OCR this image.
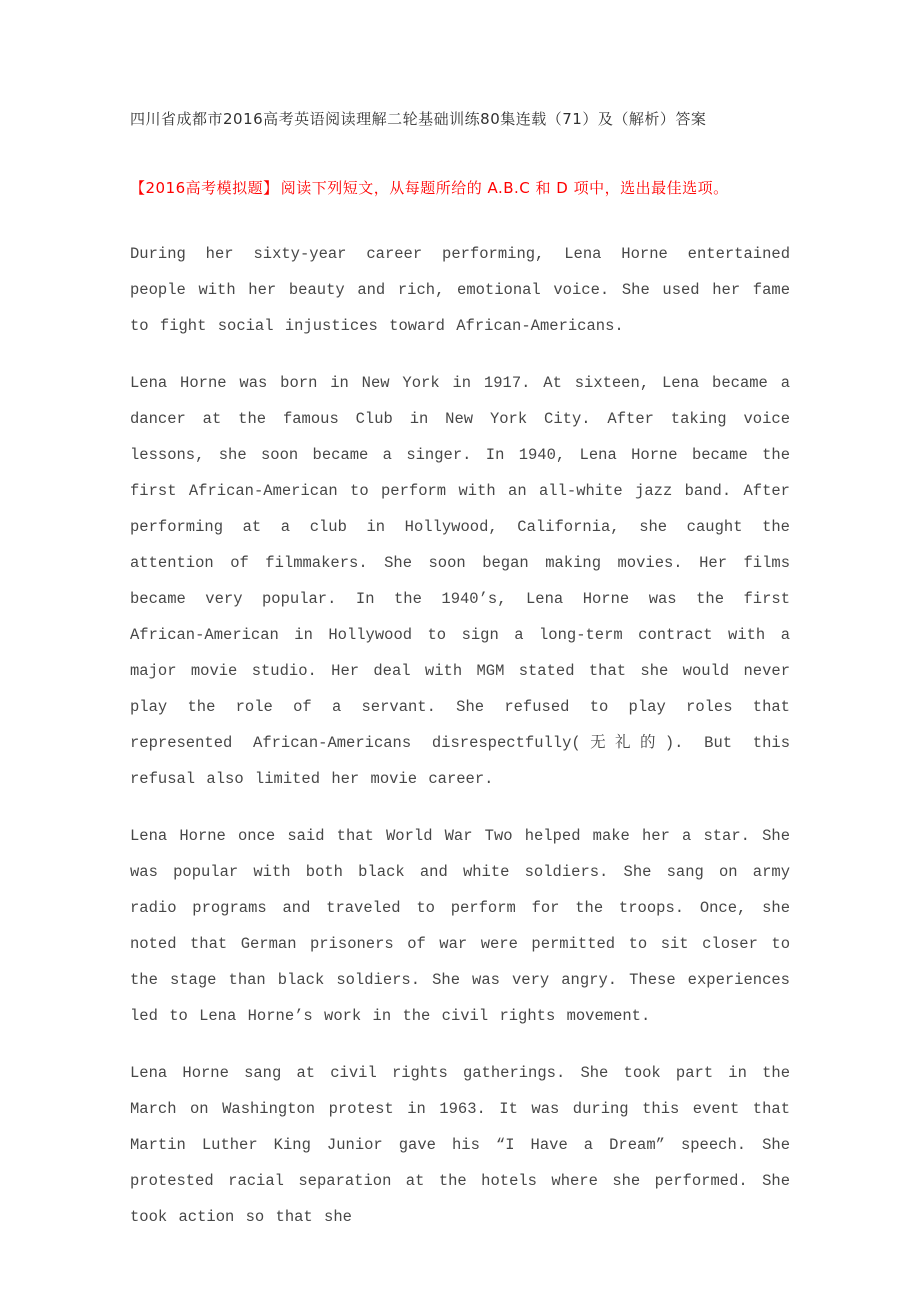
四川省成都市2016高考英语阅读理解二轮基础训练80集连载（71）及（解析）答案
【2016高考模拟题】 阅读下列短文，从每题所给的 A.B.C 和 D 项中，选出最佳选项。

During her sixty-year career performing, Lena Horne entertained people with her beauty and rich, emotional voice. She used her fame to fight social injustices toward African-Americans.

Lena Horne was born in New York in 1917. At sixteen, Lena became a dancer at the famous Club in New York City. After taking voice lessons, she soon became a singer. In 1940, Lena Horne became the first African-American to perform with an all-white jazz band. After performing at a club in Hollywood, California, she caught the attention of filmmakers. She soon began making movies. Her films became very popular. In the 1940’s, Lena Horne was the first African-American in Hollywood to sign a long-term contract with a major movie studio. Her deal with MGM stated that she would never play the role of a servant. She refused to play roles that represented African-Americans disrespectfully(无礼的). But this refusal also limited her movie career.

Lena Horne once said that World War Two helped make her a star. She was popular with both black and white soldiers. She sang on army radio programs and traveled to perform for the troops. Once, she noted that German prisoners of war were permitted to sit closer to the stage than black soldiers. She was very angry. These experiences led to Lena Horne’s work in the civil rights movement.

Lena Horne sang at civil rights gatherings. She took part in the March on Washington protest in 1963. It was during this event that Martin Luther King Junior gave his “I Have a Dream” speech. She protested racial separation at the hotels where she performed. She took action so that she
